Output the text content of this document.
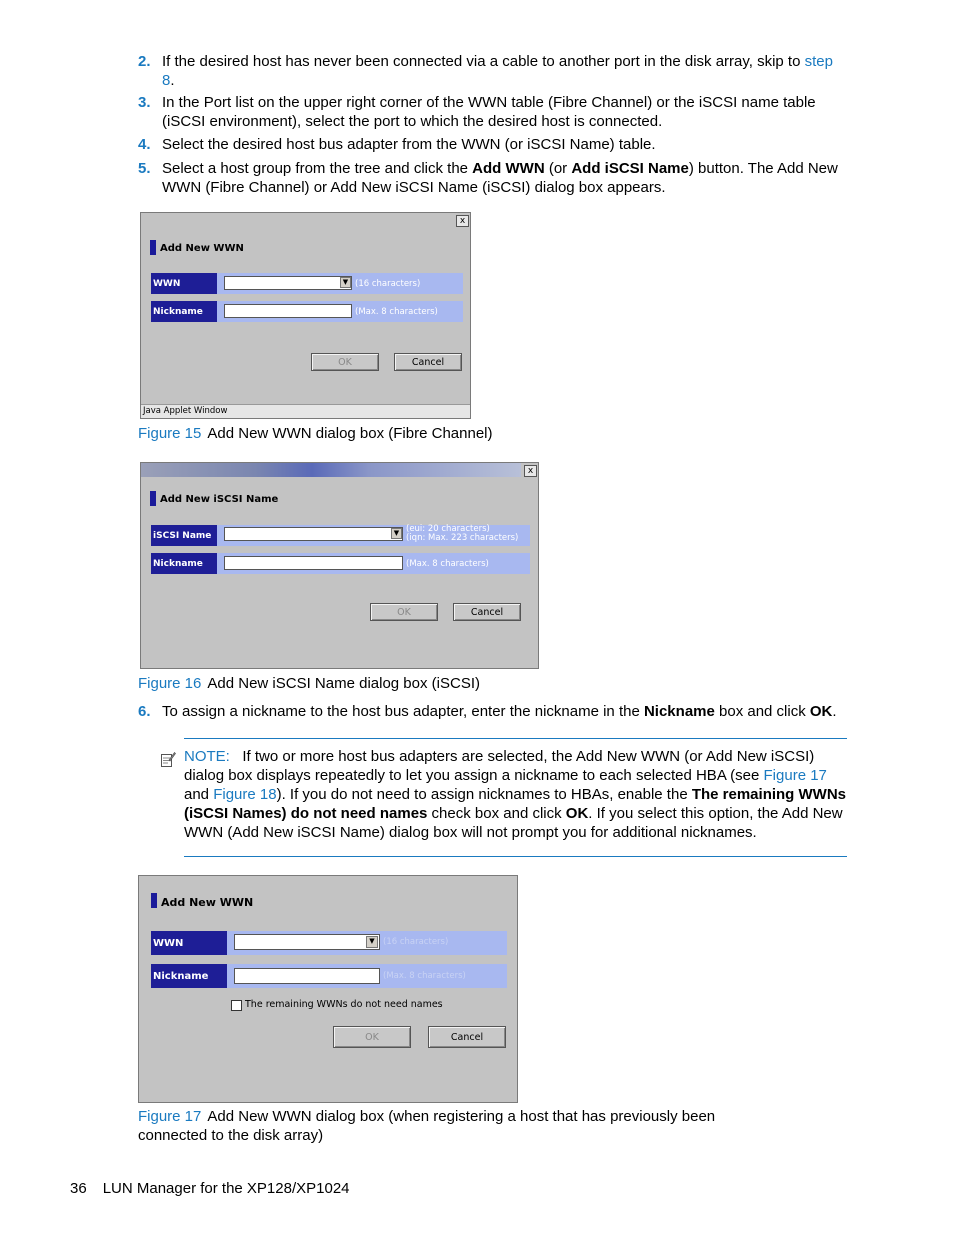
2. If the desired host has never been connected via a cable to another port in the disk array, skip to step 8.
3. In the Port list on the upper right corner of the WWN table (Fibre Channel) or the iSCSI name table (iSCSI environment), select the port to which the desired host is connected.
4. Select the desired host bus adapter from the WWN (or iSCSI Name) table.
5. Select a host group from the tree and click the Add WWN (or Add iSCSI Name) button. The Add New WWN (Fibre Channel) or Add New iSCSI Name (iSCSI) dialog box appears.
x
Add New WWN
WWN	▼ (16 characters)
Nickname	(Max. 8 characters)
OK	Cancel
Java Applet Window
Figure 15 Add New WWN dialog box (Fibre Channel)
x
Add New iSCSI Name
iSCSI Name	▼ (eui: 20 characters)
(iqn: Max. 223 characters)
Nickname	(Max. 8 characters)
OK	Cancel
Figure 16 Add New iSCSI Name dialog box (iSCSI)
6. To assign a nickname to the host bus adapter, enter the nickname in the Nickname box and click OK.
NOTE: If two or more host bus adapters are selected, the Add New WWN (or Add New iSCSI) dialog box displays repeatedly to let you assign a nickname to each selected HBA (see Figure 17 and Figure 18). If you do not need to assign nicknames to HBAs, enable the The remaining WWNs (iSCSI Names) do not need names check box and click OK. If you select this option, the Add New WWN (Add New iSCSI Name) dialog box will not prompt you for additional nicknames.
Add New WWN
WWN	▼ (16 characters)
Nickname	(Max. 8 characters)
The remaining WWNs do not need names
OK	Cancel
Figure 17 Add New WWN dialog box (when registering a host that has previously been connected to the disk array)
36 LUN Manager for the XP128/XP1024
